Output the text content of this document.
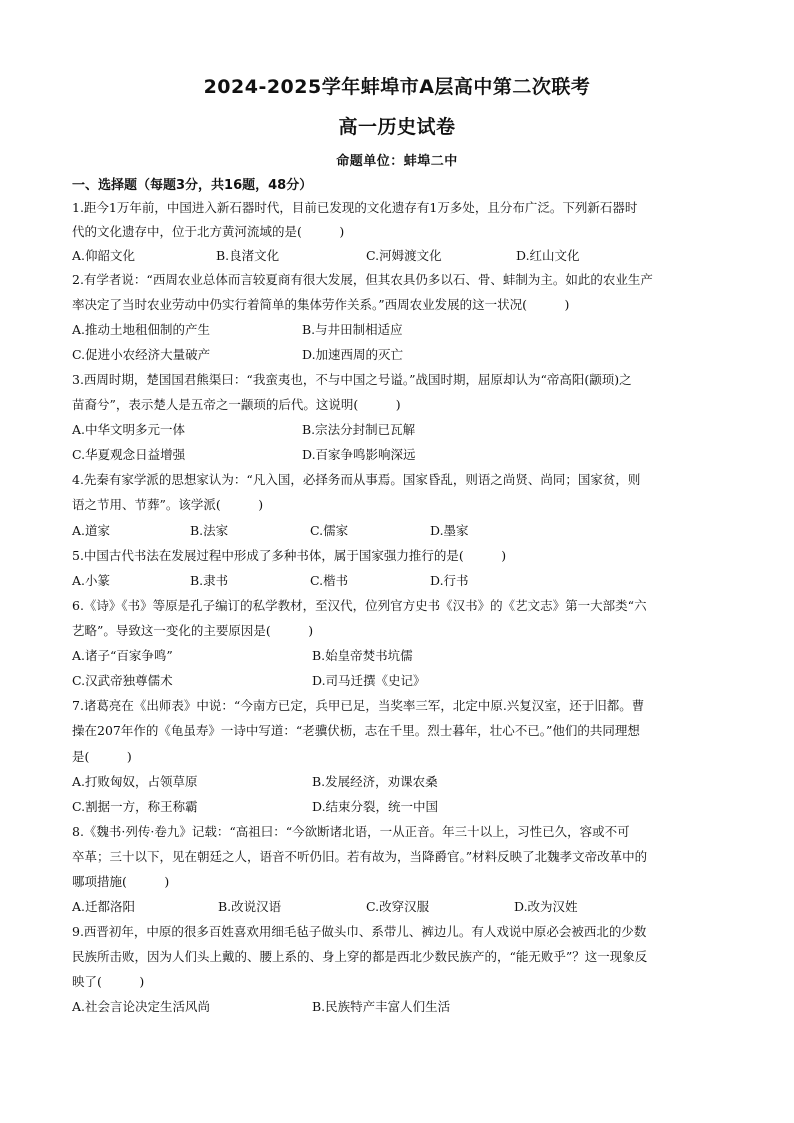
2024-2025学年蚌埠市A层高中第二次联考
高一历史试卷
命题单位：蚌埠二中
一、选择题（每题3分，共16题，48分）
1.距今1万年前，中国进入新石器时代，目前已发现的文化遗存有1万多处，且分布广泛。下列新石器时
代的文化遗存中，位于北方黄河流域的是(　　　)
A.仰韶文化	B.良渚文化	C.河姆渡文化	D.红山文化
2.有学者说：“西周农业总体而言较夏商有很大发展，但其农具仍多以石、骨、蚌制为主。如此的农业生产
率决定了当时农业劳动中仍实行着简单的集体劳作关系。”西周农业发展的这一状况(　　　)
A.推动土地租佃制的产生	B.与井田制相适应
C.促进小农经济大量破产	D.加速西周的灭亡
3.西周时期，楚国国君熊渠曰：“我蛮夷也，不与中国之号谥。”战国时期，屈原却认为“帝高阳(颛顼)之
苗裔兮”，表示楚人是五帝之一颛顼的后代。这说明(　　　)
A.中华文明多元一体	B.宗法分封制已瓦解
C.华夏观念日益增强	D.百家争鸣影响深远
4.先秦有家学派的思想家认为：“凡入国，必择务而从事焉。国家昏乱，则语之尚贤、尚同；国家贫，则
语之节用、节葬”。该学派(　　　)
A.道家	B.法家	C.儒家	D.墨家
5.中国古代书法在发展过程中形成了多种书体，属于国家强力推行的是(　　　)
A.小篆	B.隶书	C.楷书	D.行书
6.《诗》《书》等原是孔子编订的私学教材，至汉代，位列官方史书《汉书》的《艺文志》第一大部类“六
艺略”。导致这一变化的主要原因是(　　　)
A.诸子“百家争鸣”	B.始皇帝焚书坑儒
C.汉武帝独尊儒术	D.司马迁撰《史记》
7.诸葛亮在《出师表》中说：“今南方已定，兵甲已足，当奖率三军，北定中原.兴复汉室，还于旧都。曹
操在207年作的《龟虽寿》一诗中写道：“老骥伏枥，志在千里。烈士暮年，壮心不已。”他们的共同理想
是(　　　)
A.打败匈奴，占领草原	B.发展经济，劝课农桑
C.割据一方，称王称霸	D.结束分裂，统一中国
8.《魏书·列传·卷九》记载：“高祖曰：“今欲断诸北语，一从正音。年三十以上，习性已久，容或不可
卒革；三十以下，见在朝廷之人，语音不听仍旧。若有故为，当降爵官。”材料反映了北魏孝文帝改革中的
哪项措施(　　　)
A.迁都洛阳	B.改说汉语	C.改穿汉服	D.改为汉姓
9.西晋初年，中原的很多百姓喜欢用细毛毡子做头巾、系带儿、裤边儿。有人戏说中原必会被西北的少数
民族所击败，因为人们头上戴的、腰上系的、身上穿的都是西北少数民族产的，“能无败乎”？这一现象反
映了(　　　)
A.社会言论决定生活风尚	B.民族特产丰富人们生活
